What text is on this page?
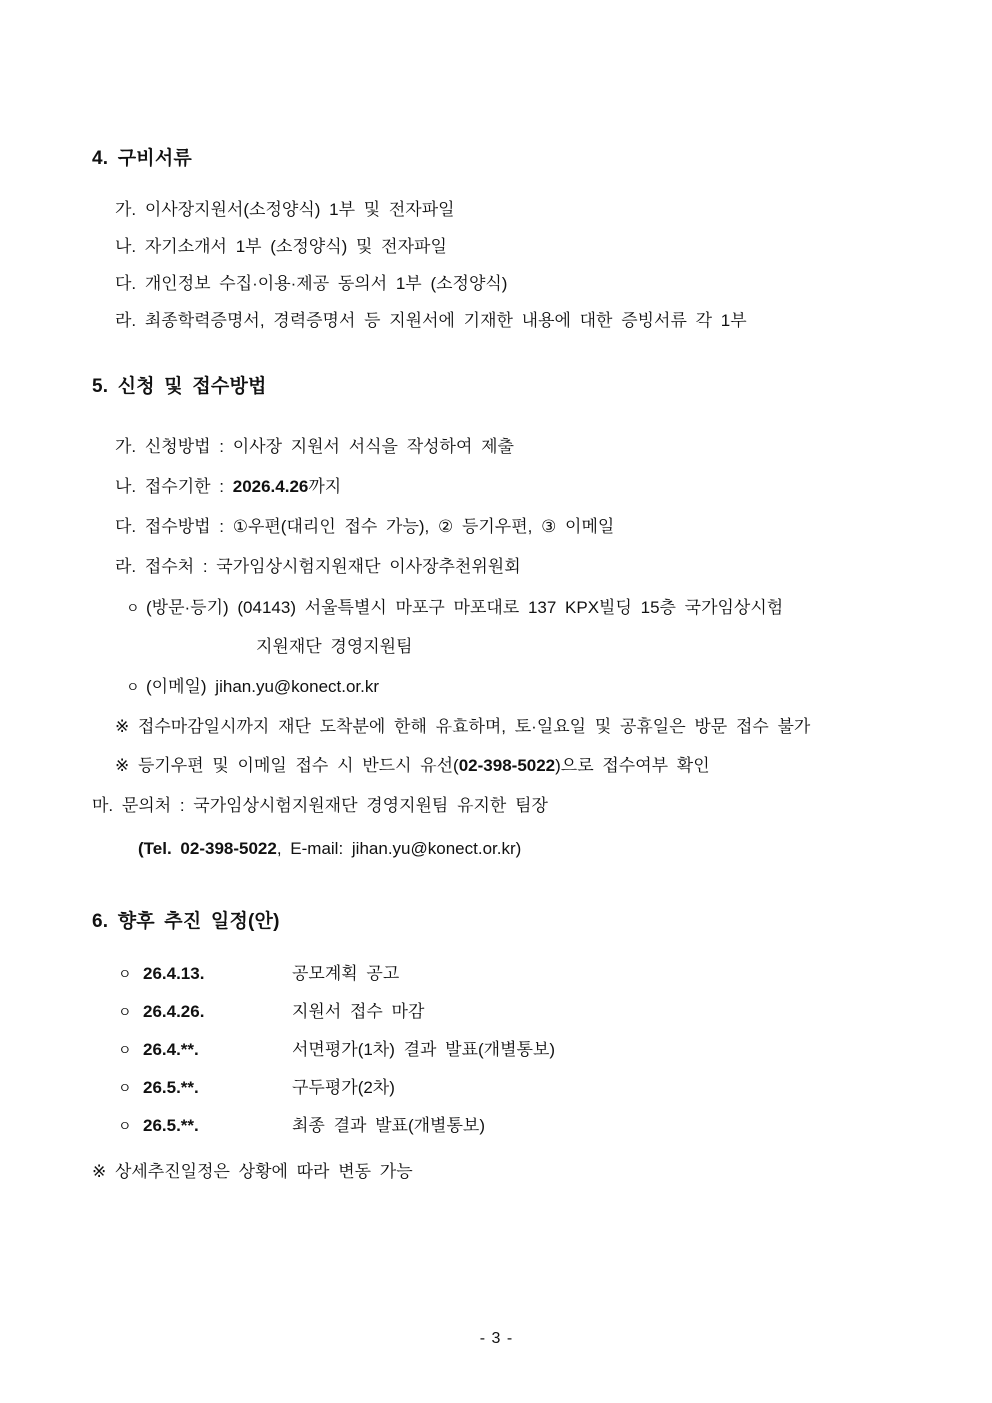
4. 구비서류

가. 이사장지원서(소정양식) 1부 및 전자파일

나. 자기소개서 1부 (소정양식) 및 전자파일

다. 개인정보 수집·이용·제공 동의서 1부 (소정양식)

라. 최종학력증명서, 경력증명서 등 지원서에 기재한 내용에 대한 증빙서류 각 1부

5. 신청 및 접수방법

가. 신청방법 : 이사장 지원서 서식을 작성하여 제출

나. 접수기한 : 2026.4.26까지

다. 접수방법 : ①우편(대리인 접수 가능), ② 등기우편, ③ 이메일

라. 접수처 : 국가임상시험지원재단 이사장추천위원회

ㅇ (방문·등기) (04143) 서울특별시 마포구 마포대로 137 KPX빌딩 15층 국가임상시험
지원재단 경영지원팀
ㅇ (이메일) jihan.yu@konect.or.kr

※ 접수마감일시까지 재단 도착분에 한해 유효하며, 토·일요일 및 공휴일은 방문 접수 불가

※ 등기우편 및 이메일 접수 시 반드시 유선(02-398-5022)으로 접수여부 확인

마. 문의처 : 국가임상시험지원재단 경영지원팀 유지한 팀장

(Tel. 02-398-5022, E-mail: jihan.yu@konect.or.kr)

6. 향후 추진 일정(안)
ㅇ 26.4.13.	공모계획 공고
ㅇ 26.4.26.	지원서 접수 마감
ㅇ 26.4.**.	서면평가(1차) 결과 발표(개별통보)
ㅇ 26.5.**.	구두평가(2차)
ㅇ 26.5.**.	최종 결과 발표(개별통보)

※ 상세추진일정은 상황에 따라 변동 가능

- 3 -
